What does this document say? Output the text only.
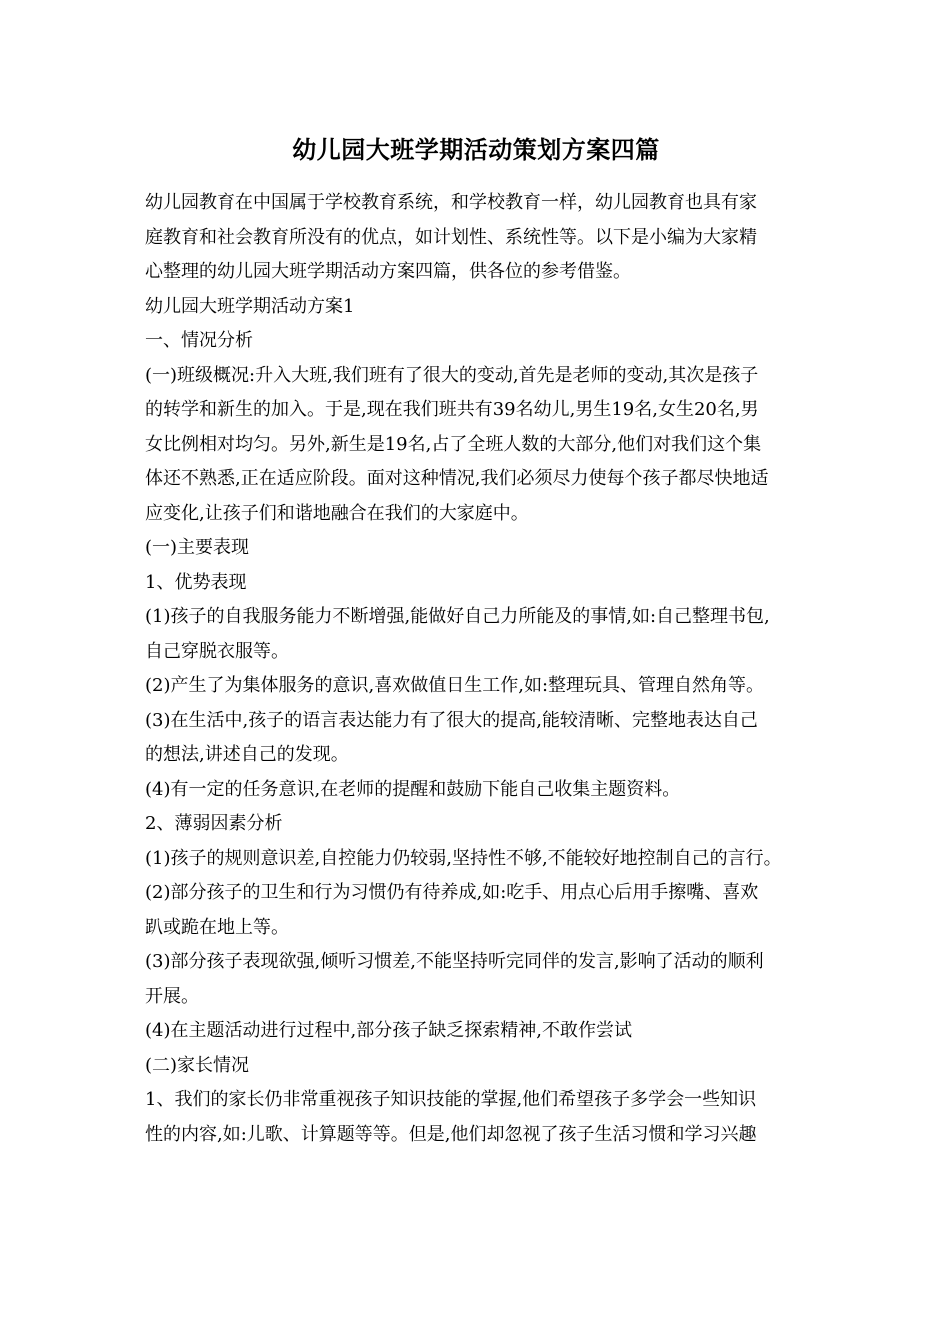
幼儿园大班学期活动策划方案四篇
幼儿园教育在中国属于学校教育系统，和学校教育一样，幼儿园教育也具有家
庭教育和社会教育所没有的优点，如计划性、系统性等。以下是小编为大家精
心整理的幼儿园大班学期活动方案四篇，供各位的参考借鉴。
幼儿园大班学期活动方案1
一、情况分析
(一)班级概况:升入大班,我们班有了很大的变动,首先是老师的变动,其次是孩子
的转学和新生的加入。于是,现在我们班共有39名幼儿,男生19名,女生20名,男
女比例相对均匀。另外,新生是19名,占了全班人数的大部分,他们对我们这个集
体还不熟悉,正在适应阶段。面对这种情况,我们必须尽力使每个孩子都尽快地适
应变化,让孩子们和谐地融合在我们的大家庭中。
(一)主要表现
1、优势表现
(1)孩子的自我服务能力不断增强,能做好自己力所能及的事情,如:自己整理书包,
自己穿脱衣服等。
(2)产生了为集体服务的意识,喜欢做值日生工作,如:整理玩具、管理自然角等。
(3)在生活中,孩子的语言表达能力有了很大的提高,能较清晰、完整地表达自己
的想法,讲述自己的发现。
(4)有一定的任务意识,在老师的提醒和鼓励下能自己收集主题资料。
2、薄弱因素分析
(1)孩子的规则意识差,自控能力仍较弱,坚持性不够,不能较好地控制自己的言行。
(2)部分孩子的卫生和行为习惯仍有待养成,如:吃手、用点心后用手擦嘴、喜欢
趴或跪在地上等。
(3)部分孩子表现欲强,倾听习惯差,不能坚持听完同伴的发言,影响了活动的顺利
开展。
(4)在主题活动进行过程中,部分孩子缺乏探索精神,不敢作尝试
(二)家长情况
1、我们的家长仍非常重视孩子知识技能的掌握,他们希望孩子多学会一些知识
性的内容,如:儿歌、计算题等等。但是,他们却忽视了孩子生活习惯和学习兴趣
